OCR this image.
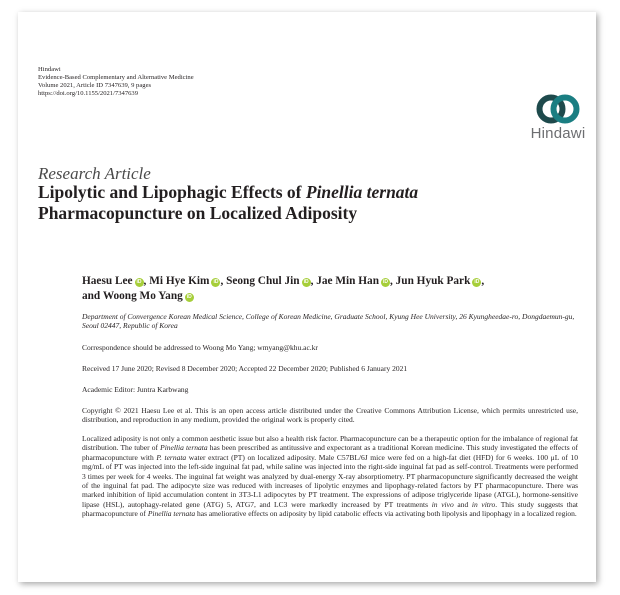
Hindawi
Evidence-Based Complementary and Alternative Medicine
Volume 2021, Article ID 7347639, 9 pages
https://doi.org/10.1155/2021/7347639
Hindawi
Research Article
Lipolytic and Lipophagic Effects of Pinellia ternata
Pharmacopuncture on Localized Adiposity
Haesu Lee iD , Mi Hye Kim iD , Seong Chul Jin iD , Jae Min Han iD , Jun Hyuk Park iD ,
and Woong Mo Yang iD
Department of Convergence Korean Medical Science, College of Korean Medicine, Graduate School, Kyung Hee University, 26 Kyungheedae-ro, Dongdaemun-gu, Seoul 02447, Republic of Korea
Correspondence should be addressed to Woong Mo Yang; wmyang@khu.ac.kr
Received 17 June 2020; Revised 8 December 2020; Accepted 22 December 2020; Published 6 January 2021
Academic Editor: Juntra Karbwang
Copyright © 2021 Haesu Lee et al. This is an open access article distributed under the Creative Commons Attribution License, which permits unrestricted use, distribution, and reproduction in any medium, provided the original work is properly cited.
Localized adiposity is not only a common aesthetic issue but also a health risk factor. Pharmacopuncture can be a therapeutic option for the imbalance of regional fat distribution. The tuber of Pinellia ternata has been prescribed as antitussive and expectorant as a traditional Korean medicine. This study investigated the effects of pharmacopuncture with P. ternata water extract (PT) on localized adiposity. Male C57BL/6J mice were fed on a high-fat diet (HFD) for 6 weeks. 100 μL of 10 mg/mL of PT was injected into the left-side inguinal fat pad, while saline was injected into the right-side inguinal fat pad as self-control. Treatments were performed 3 times per week for 4 weeks. The inguinal fat weight was analyzed by dual-energy X-ray absorptiometry. PT pharmacopuncture significantly decreased the weight of the inguinal fat pad. The adipocyte size was reduced with increases of lipolytic enzymes and lipophagy-related factors by PT pharmacopuncture. There was marked inhibition of lipid accumulation content in 3T3-L1 adipocytes by PT treatment. The expressions of adipose triglyceride lipase (ATGL), hormone-sensitive lipase (HSL), autophagy-related gene (ATG) 5, ATG7, and LC3 were markedly increased by PT treatments in vivo and in vitro. This study suggests that pharmacopuncture of Pinellia ternata has ameliorative effects on adiposity by lipid catabolic effects via activating both lipolysis and lipophagy in a localized region.
